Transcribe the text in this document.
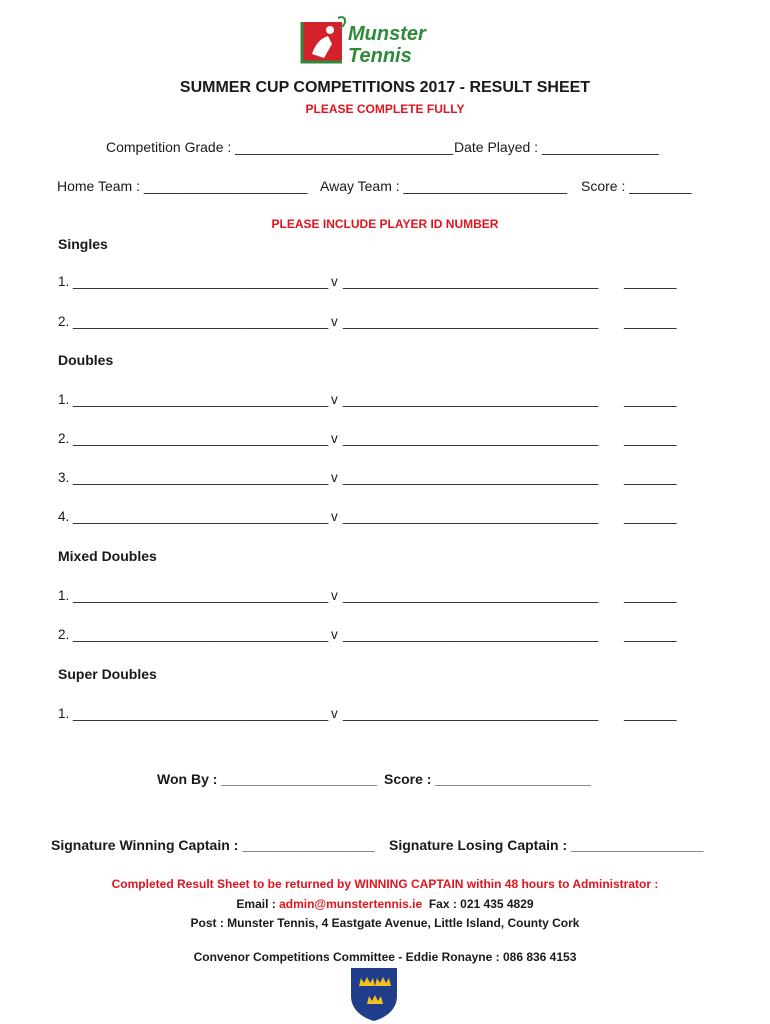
Munster
Tennis
SUMMER CUP COMPETITIONS 2017 - RESULT SHEET
PLEASE COMPLETE FULLY
Competition Grade : ____________________________ Date Played : _______________
Home Team : _____________________ Away Team : _____________________ Score : ________
PLEASE INCLUDE PLAYER ID NUMBER
Singles
1. __________________________________ v __________________________________ _______
2. __________________________________ v __________________________________ _______
Doubles
1. __________________________________ v __________________________________ _______
2. __________________________________ v __________________________________ _______
3. __________________________________ v __________________________________ _______
4. __________________________________ v __________________________________ _______
Mixed Doubles
1. __________________________________ v __________________________________ _______
2. __________________________________ v __________________________________ _______
Super Doubles
1. __________________________________ v __________________________________ _______
Won By : ____________________ Score : ____________________
Signature Winning Captain : _________________ Signature Losing Captain : _________________
Completed Result Sheet to be returned by WINNING CAPTAIN within 48 hours to Administrator :
Email : admin@munstertennis.ie  Fax : 021 435 4829
Post : Munster Tennis, 4 Eastgate Avenue, Little Island, County Cork
Convenor Competitions Committee - Eddie Ronayne : 086 836 4153
